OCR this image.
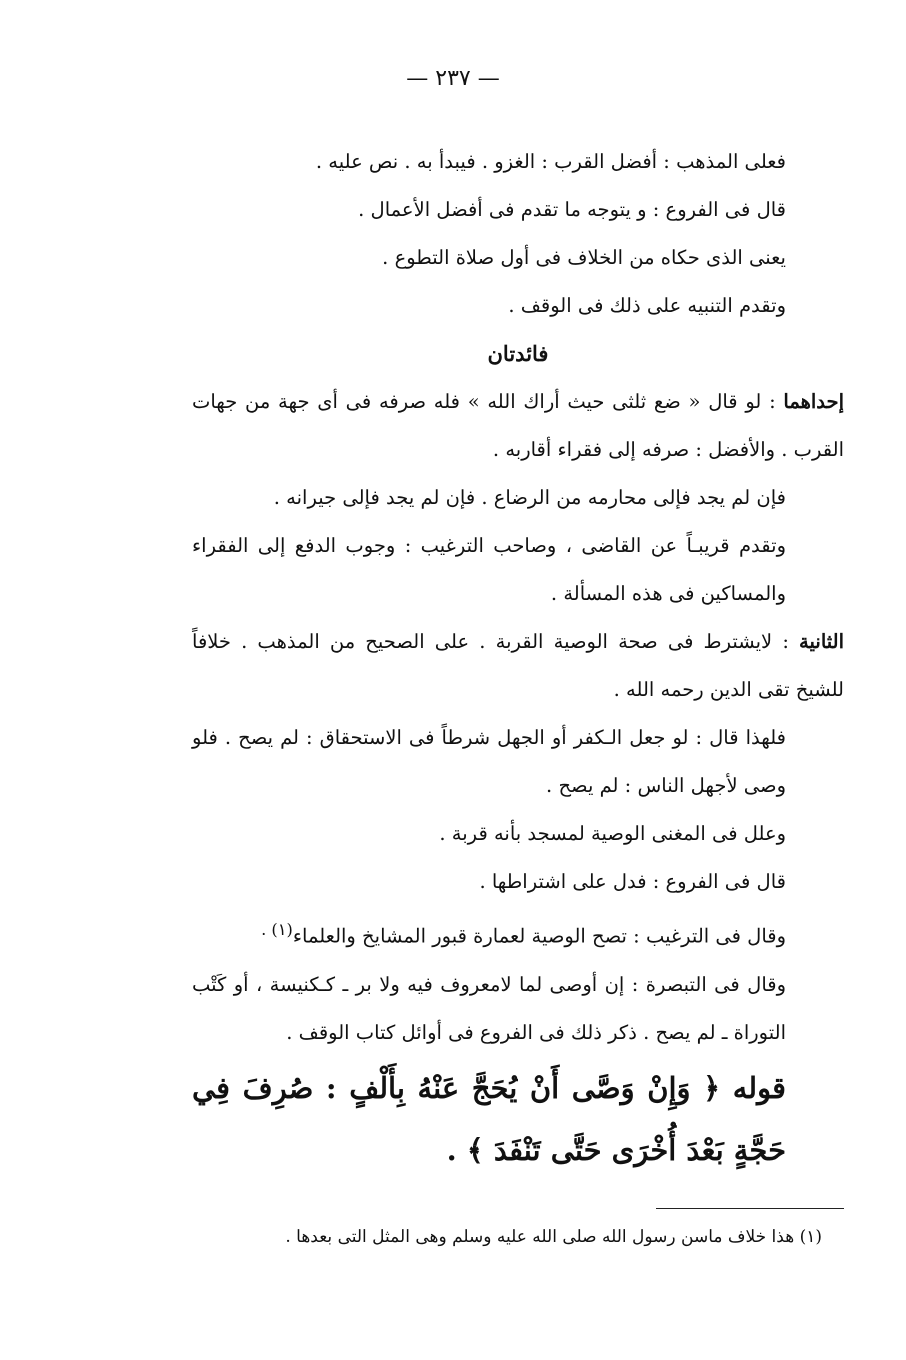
— ٢٣٧ —

فعلى المذهب : أفضل القرب : الغزو . فيبدأ به . نص عليه .

قال فى الفروع : و يتوجه ما تقدم فى أفضل الأعمال .

يعنى الذى حكاه من الخلاف فى أول صلاة التطوع .

وتقدم التنبيه على ذلك فى الوقف .

فائدتان

إحداهما : لو قال « ضع ثلثى حيث أراك الله » فله صرفه فى أى جهة من جهات القرب . والأفضل : صرفه إلى فقراء أقاربه .

فإن لم يجد فإلى محارمه من الرضاع . فإن لم يجد فإلى جيرانه .

وتقدم قريبـاً عن القاضى ، وصاحب الترغيب : وجوب الدفع إلى الفقراء والمساكين فى هذه المسألة .

الثانية : لايشترط فى صحة الوصية القربة . على الصحيح من المذهب . خلافاً للشيخ تقى الدين رحمه الله .

فلهذا قال : لو جعل الـكفر أو الجهل شرطاً فى الاستحقاق : لم يصح . فلو وصى لأجهل الناس : لم يصح .

وعلل فى المغنى الوصية لمسجد بأنه قربة .

قال فى الفروع : فدل على اشتراطها .

وقال فى الترغيب : تصح الوصية لعمارة قبور المشايخ والعلماء$^{(١) .}$

وقال فى التبصرة : إن أوصى لما لامعروف فيه ولا بر ـ كـكنيسة ، أو كَتْب التوراة ـ لم يصح . ذكر ذلك فى الفروع فى أوائل كتاب الوقف .

قوله ﴿ وَإِنْ وَصَّى أَنْ يُحَجَّ عَنْهُ بِأَلْفٍ : صُرِفَ فِي حَجَّةٍ بَعْدَ أُخْرَى حَتَّى تَنْفَدَ ﴾ .

(١) هذا خلاف ماسن رسول الله صلى الله عليه وسلم وهى المثل التى بعدها .
